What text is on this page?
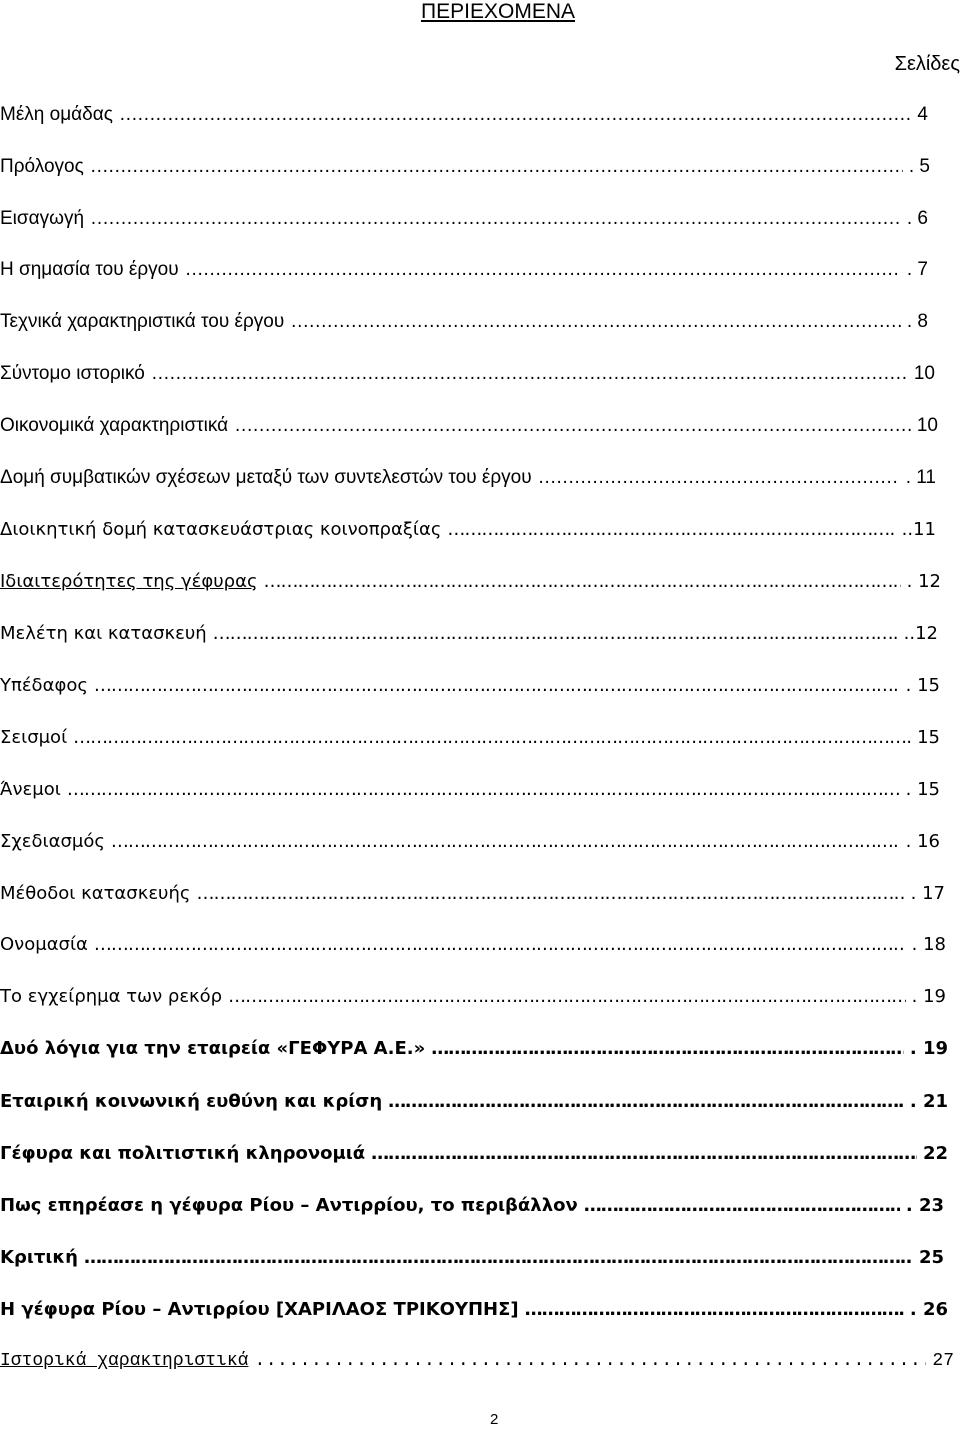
ΠΕΡΙΕΧΟΜΕΝΑ
Σελίδες
Μέλη ομάδας …………………………………………………………………………………………………………………………………………………………………………………………	4
Πρόλογος …………………………………………………………………………………………………………………………………………………………………………………………	. 5
Εισαγωγή …………………………………………………………………………………………………………………………………………………………………………………………	. 6
Η σημασία του έργου …………………………………………………………………………………………………………………………………………………………………………………………	. 7
Τεχνικά χαρακτηριστικά του έργου …………………………………………………………………………………………………………………………………………………………………………………………	. 8
Σύντομο ιστορικό …………………………………………………………………………………………………………………………………………………………………………………………	10
Οικονομικά χαρακτηριστικά …………………………………………………………………………………………………………………………………………………………………………………………	10
Δομή συμβατικών σχέσεων μεταξύ των συντελεστών του έργου …………………………………………………………………………………………………………………………………………………………………………………………	. 11
Διοικητική δομή κατασκευάστριας κοινοπραξίας …………………………………………………………………………………………………………………………………………………………………………………………	..11
Ιδιαιτερότητες της γέφυρας …………………………………………………………………………………………………………………………………………………………………………………………	. 12
Μελέτη και κατασκευή …………………………………………………………………………………………………………………………………………………………………………………………	..12
Υπέδαφος …………………………………………………………………………………………………………………………………………………………………………………………	. 15
Σεισμοί …………………………………………………………………………………………………………………………………………………………………………………………	15
Άνεμοι …………………………………………………………………………………………………………………………………………………………………………………………	. 15
Σχεδιασμός …………………………………………………………………………………………………………………………………………………………………………………………	. 16
Μέθοδοι κατασκευής …………………………………………………………………………………………………………………………………………………………………………………………	. 17
Ονομασία …………………………………………………………………………………………………………………………………………………………………………………………	. 18
Το εγχείρημα των ρεκόρ …………………………………………………………………………………………………………………………………………………………………………………………	. 19
Δυό λόγια για την εταιρεία «ΓΕΦΥΡΑ Α.Ε.» …………………………………………………………………………………………………………………………………………………………………………………………	. 19
Εταιρική κοινωνική ευθύνη και κρίση …………………………………………………………………………………………………………………………………………………………………………………………	. 21
Γέφυρα και πολιτιστική κληρονομιά …………………………………………………………………………………………………………………………………………………………………………………………	22
Πως επηρέασε η γέφυρα Ρίου – Αντιρρίου, το περιβάλλον …………………………………………………………………………………………………………………………………………………………………………………………	. 23
Κριτική …………………………………………………………………………………………………………………………………………………………………………………………	25
Η γέφυρα Ρίου – Αντιρρίου [ΧΑΡΙΛΑΟΣ ΤΡΙΚΟΥΠΗΣ] …………………………………………………………………………………………………………………………………………………………………………………………	. 26
Ιστορικά χαρακτηριστικά .....	27
2
